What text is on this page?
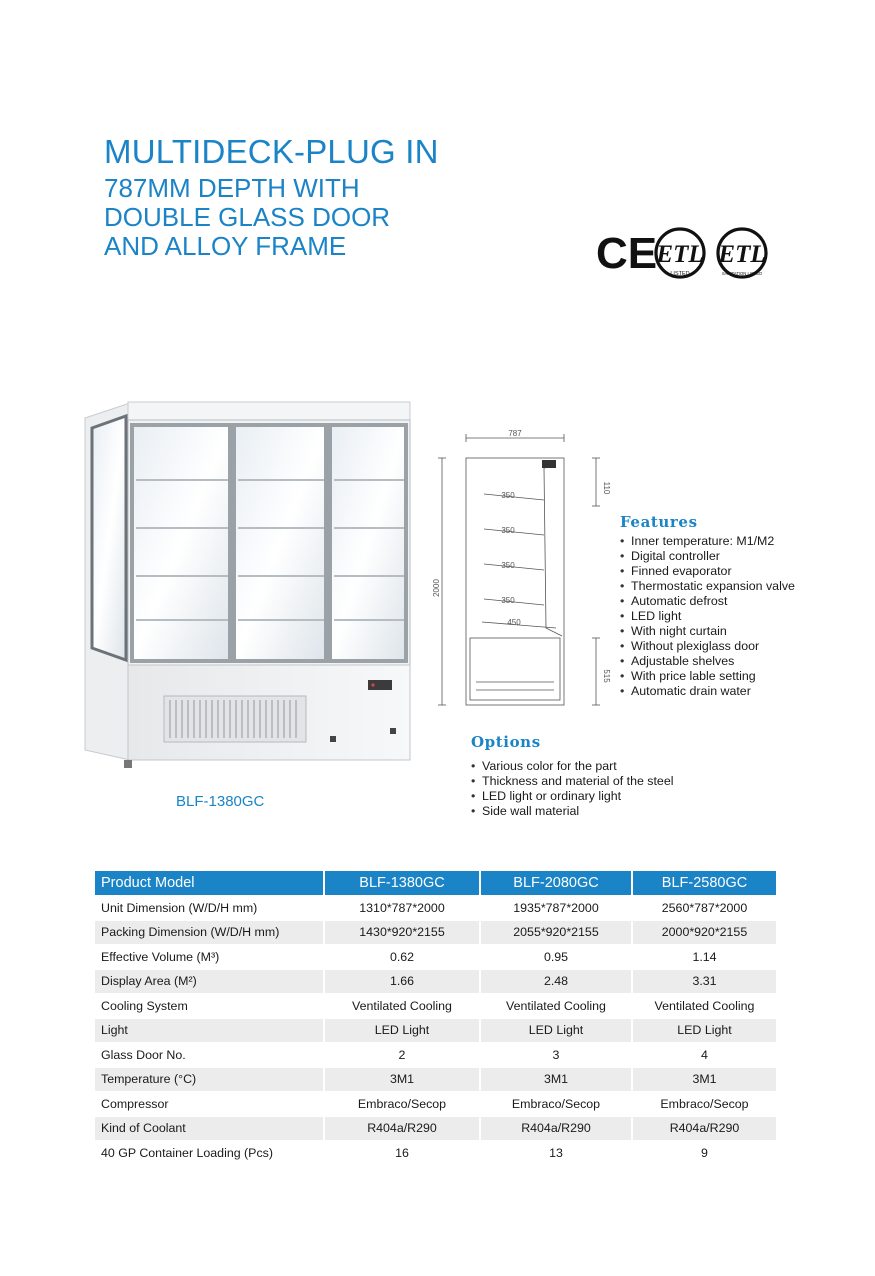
MULTIDECK-PLUG IN
787MM DEPTH WITH
DOUBLE GLASS DOOR
AND ALLOY FRAME	CE ETL
LISTED
ETL
SANITATION LISTED
BLF-1380GC
787
2000
110
350
350
350
350
450
515
Features
• Inner temperature: M1/M2
• Digital controller
• Finned evaporator
• Thermostatic expansion valve
• Automatic defrost
• LED light
• With night curtain
• Without plexiglass door
• Adjustable shelves
• With price lable setting
• Automatic drain water
Options
• Various color for the part
• Thickness and material of the steel
• LED light or ordinary light
• Side wall material
Product Model	BLF-1380GC	BLF-2080GC	BLF-2580GC
Unit Dimension (W/D/H mm)	1310*787*2000	1935*787*2000	2560*787*2000
Packing Dimension (W/D/H mm)	1430*920*2155	2055*920*2155	2000*920*2155
Effective Volume (M³)	0.62	0.95	1.14
Display Area (M²)	1.66	2.48	3.31
Cooling System	Ventilated Cooling	Ventilated Cooling	Ventilated Cooling
Light	LED Light	LED Light	LED Light
Glass Door No.	2	3	4
Temperature (°C)	3M1	3M1	3M1
Compressor	Embraco/Secop	Embraco/Secop	Embraco/Secop
Kind of Coolant	R404a/R290	R404a/R290	R404a/R290
40 GP Container Loading (Pcs)	16	13	9
